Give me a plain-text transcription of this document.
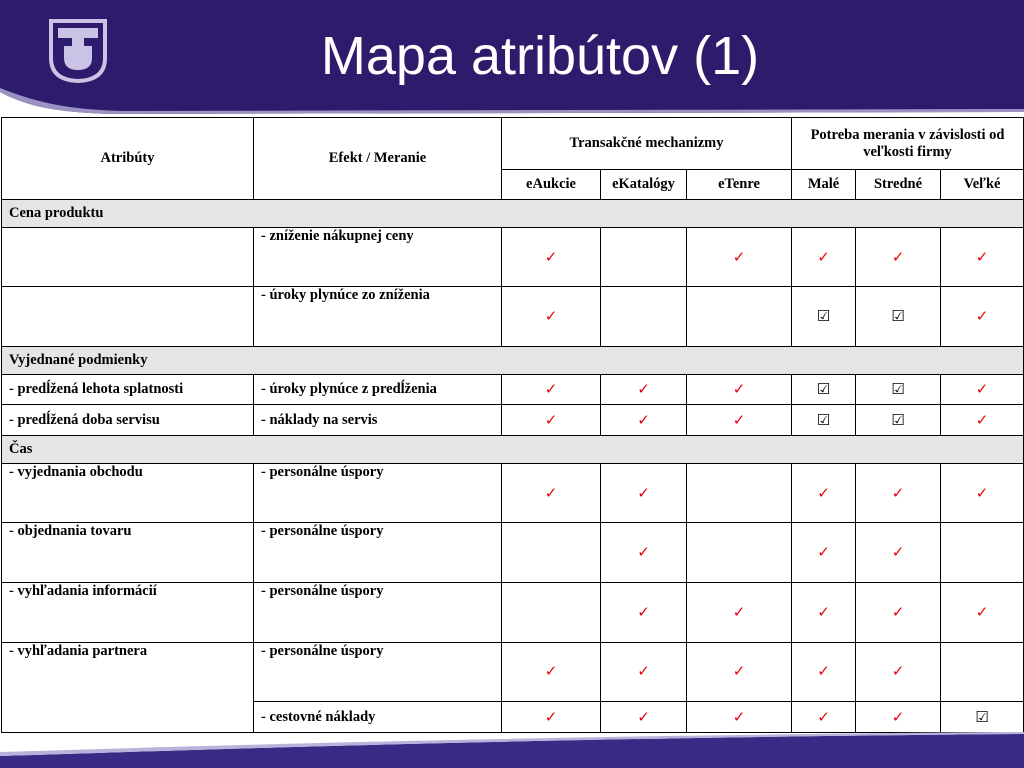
Mapa atribútov (1)
Atribúty	Efekt / Meranie	Transakčné mechanizmy			Potreba merania v závislosti od veľkosti firmy		
		eAukcie	eKatalógy	eTenre	Malé	Stredné	Veľké
Cena produktu							
	- zníženie nákupnej ceny	✓		✓	✓	✓	✓
	- úroky plynúce zo zníženia	✓			☑	☑	✓
Vyjednané podmienky							
- predĺžená lehota splatnosti	- úroky plynúce z predĺženia	✓	✓	✓	☑	☑	✓
- predĺžená doba servisu	- náklady na servis	✓	✓	✓	☑	☑	✓
Čas							
- vyjednania obchodu	- personálne úspory	✓	✓		✓	✓	✓
- objednania tovaru	- personálne úspory		✓		✓	✓	
- vyhľadania informácií	- personálne úspory		✓	✓	✓	✓	✓
- vyhľadania partnera	- personálne úspory	✓	✓	✓	✓	✓	
	- cestovné náklady	✓	✓	✓	✓	✓	☑
